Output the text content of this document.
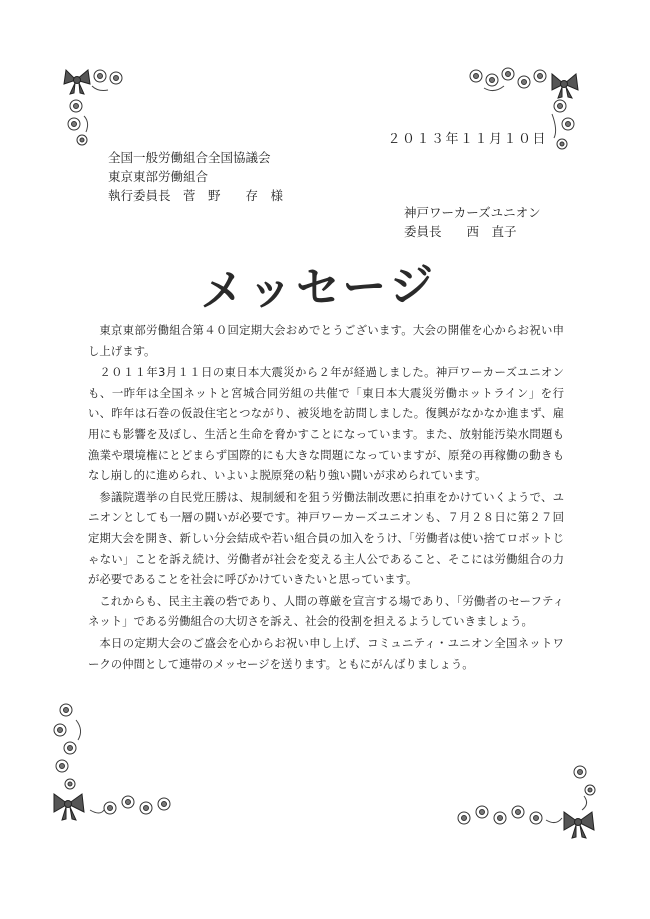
２０１３年１１月１０日
全国一般労働組合全国協議会
東京東部労働組合
執行委員長　菅　野　　存　様
神戸ワーカーズユニオン
委員長　　西　直子
メッセージ

東京東部労働組合第４０回定期大会おめでとうございます。大会の開催を心からお祝い申し上げます。

２０１１年3月１１日の東日本大震災から２年が経過しました。神戸ワーカーズユニオンも、一昨年は全国ネットと宮城合同労組の共催で「東日本大震災労働ホットライン」を行い、昨年は石巻の仮設住宅とつながり、被災地を訪問しました。復興がなかなか進まず、雇用にも影響を及ぼし、生活と生命を脅かすことになっています。また、放射能汚染水問題も漁業や環境権にとどまらず国際的にも大きな問題になっていますが、原発の再稼働の動きもなし崩し的に進められ、いよいよ脱原発の粘り強い闘いが求められています。

参議院選挙の自民党圧勝は、規制緩和を狙う労働法制改悪に拍車をかけていくようで、ユニオンとしても一層の闘いが必要です。神戸ワーカーズユニオンも、７月２８日に第２７回定期大会を開き、新しい分会結成や若い組合員の加入をうけ、「労働者は使い捨てロボットじゃない」ことを訴え続け、労働者が社会を変える主人公であること、そこには労働組合の力が必要であることを社会に呼びかけていきたいと思っています。

これからも、民主主義の砦であり、人間の尊厳を宣言する場であり、「労働者のセーフティネット」である労働組合の大切さを訴え、社会的役割を担えるようしていきましょう。

本日の定期大会のご盛会を心からお祝い申し上げ、コミュニティ・ユニオン全国ネットワークの仲間として連帯のメッセージを送ります。ともにがんばりましょう。
